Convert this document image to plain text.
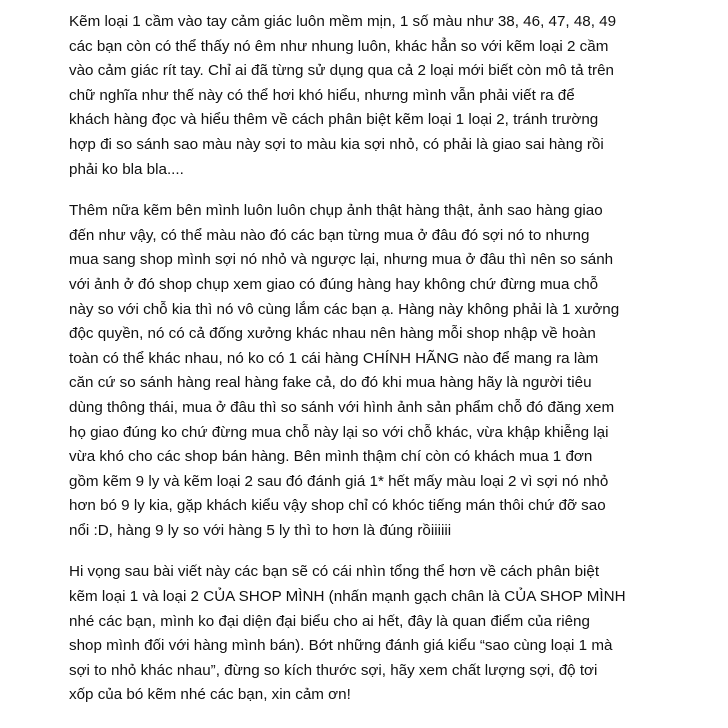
Kẽm loại 1 cầm vào tay cảm giác luôn mềm mịn, 1 số màu như 38, 46, 47, 48, 49
các bạn còn có thể thấy nó êm như nhung luôn, khác hẳn so với kẽm loại 2 cầm
vào cảm giác rít tay. Chỉ ai đã từng sử dụng qua cả 2 loại mới biết còn mô tả trên
chữ nghĩa như thế này có thể hơi khó hiểu, nhưng mình vẫn phải viết ra để
khách hàng đọc và hiểu thêm về cách phân biệt kẽm loại 1 loại 2, tránh trường
hợp đi so sánh sao màu này sợi to màu kia sợi nhỏ, có phải là giao sai hàng rồi
phải ko bla bla....

Thêm nữa kẽm bên mình luôn luôn chụp ảnh thật hàng thật, ảnh sao hàng giao
đến như vậy, có thể màu nào đó các bạn từng mua ở đâu đó sợi nó to nhưng
mua sang shop mình sợi nó nhỏ và ngược lại, nhưng mua ở đâu thì nên so sánh
với ảnh ở đó shop chụp xem giao có đúng hàng hay không chứ đừng mua chỗ
này so với chỗ kia thì nó vô cùng lắm các bạn ạ. Hàng này không phải là 1 xưởng
độc quyền, nó có cả đống xưởng khác nhau nên hàng mỗi shop nhập về hoàn
toàn có thể khác nhau, nó ko có 1 cái hàng CHÍNH HÃNG nào để mang ra làm
căn cứ so sánh hàng real hàng fake cả, do đó khi mua hàng hãy là người tiêu
dùng thông thái, mua ở đâu thì so sánh với hình ảnh sản phẩm chỗ đó đăng xem
họ giao đúng ko chứ đừng mua chỗ này lại so với chỗ khác, vừa khập khiễng lại
vừa khó cho các shop bán hàng. Bên mình thậm chí còn có khách mua 1 đơn
gồm kẽm 9 ly và kẽm loại 2 sau đó đánh giá 1* hết mấy màu loại 2 vì sợi nó nhỏ
hơn bó 9 ly kia, gặp khách kiểu vậy shop chỉ có khóc tiếng mán thôi chứ đỡ sao
nổi :D, hàng 9 ly so với hàng 5 ly thì to hơn là đúng rồiiiiii

Hi vọng sau bài viết này các bạn sẽ có cái nhìn tổng thể hơn về cách phân biệt
kẽm loại 1 và loại 2 CỦA SHOP MÌNH (nhấn mạnh gạch chân là CỦA SHOP MÌNH
nhé các bạn, mình ko đại diện đại biểu cho ai hết, đây là quan điểm của riêng
shop mình đối với hàng mình bán). Bớt những đánh giá kiểu “sao cùng loại 1 mà
sợi to nhỏ khác nhau”, đừng so kích thước sợi, hãy xem chất lượng sợi, độ tơi
xốp của bó kẽm nhé các bạn, xin cảm ơn!
